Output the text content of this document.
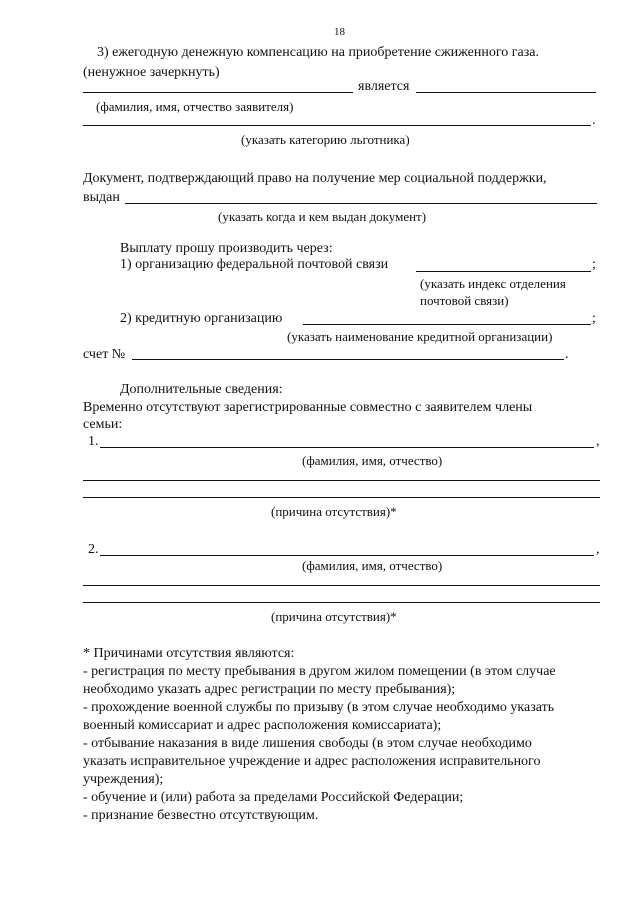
18
3) ежегодную денежную компенсацию на приобретение сжиженного газа.
(ненужное зачеркнуть)
является
(фамилия, имя, отчество заявителя)
.
(указать категорию льготника)
Документ, подтверждающий право на получение мер социальной поддержки,
выдан
(указать когда и кем выдан документ)
Выплату прошу производить через:
1) организацию федеральной почтовой связи	;
(указать индекс отделения
почтовой связи)
2) кредитную организацию	;
(указать наименование кредитной организации)
счет №	.
Дополнительные сведения:
Временно отсутствуют зарегистрированные совместно с заявителем члены
семьи:
1.	,
(фамилия, имя, отчество)
(причина отсутствия)*
2.	,
(фамилия, имя, отчество)
(причина отсутствия)*
* Причинами отсутствия являются:
- регистрация по месту пребывания в другом жилом помещении (в этом случае
необходимо указать адрес регистрации по месту пребывания);
- прохождение военной службы по призыву (в этом случае необходимо указать
военный комиссариат и адрес расположения комиссариата);
- отбывание наказания в виде лишения свободы (в этом случае необходимо
указать исправительное учреждение и адрес расположения исправительного
учреждения);
- обучение и (или) работа за пределами Российской Федерации;
- признание безвестно отсутствующим.
